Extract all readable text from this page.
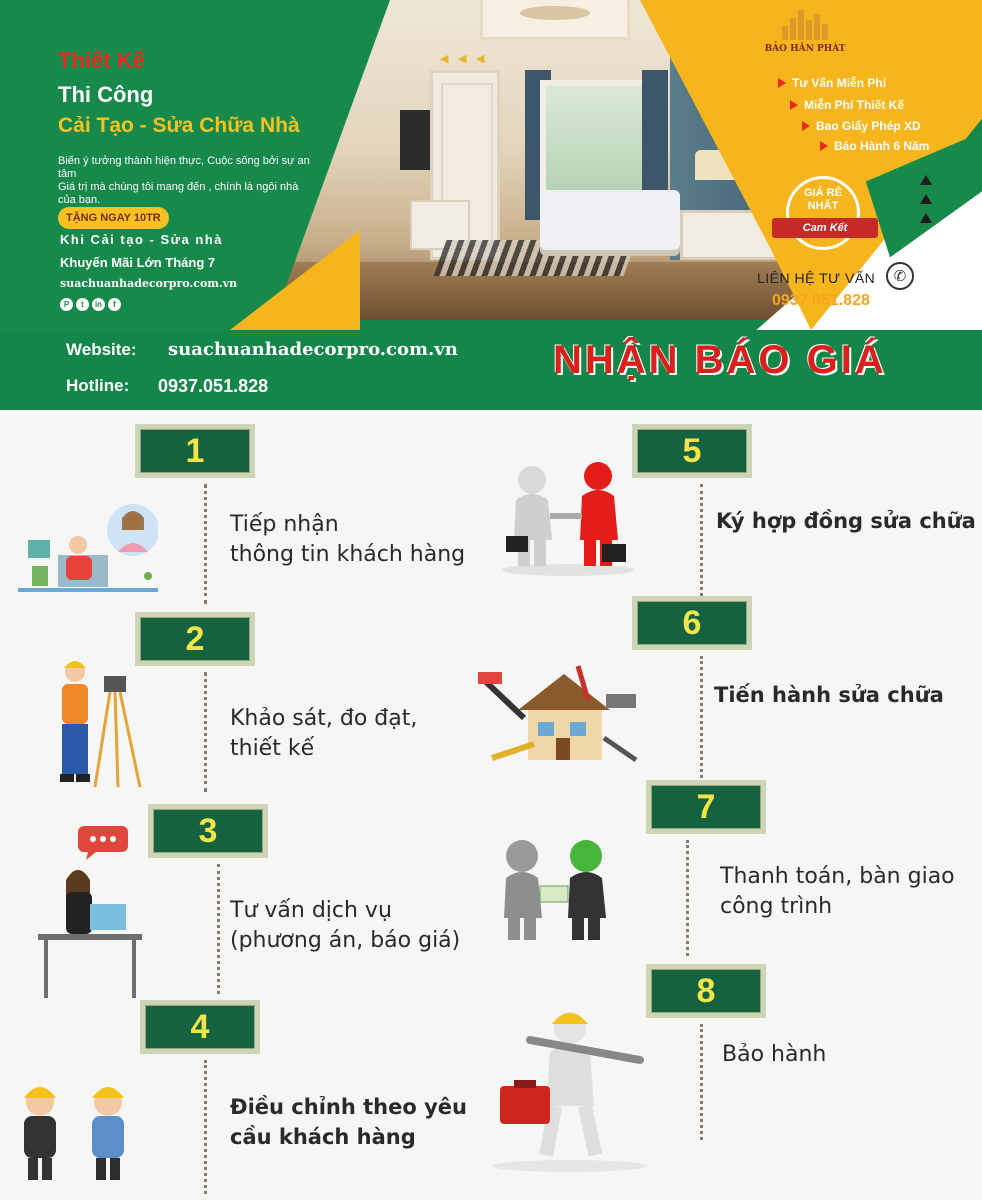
◀ ◀ ◀
Thiết Kế
Thi Công
Cải Tạo - Sửa Chữa Nhà
Biến ý tưởng thành hiện thực, Cuộc sống bởi sự an tâm
Giá trị mà chúng tôi mang đến , chính là ngôi nhà của bạn.
TẶNG NGAY 10TR
Khi Cải tạo - Sửa nhà
Khuyến Mãi Lớn Tháng 7
suachuanhadecorpro.com.vn
P	t	in	f
BẢO HÂN PHÁT
Tư Vấn Miễn Phí
Miễn Phí Thiết Kế
Bao Giấy Phép XD
Bảo Hành 6 Năm
GIÁ RẺ NHẤT
Cam Kết
LIÊN HỆ TƯ VẤN	✆
0937.051.828
Website: suachuanhadecorpro.com.vn
Hotline: 0937.051.828
NHẬN BÁO GIÁ
1
Tiếp nhận
thông tin khách hàng
2
Khảo sát, đo đạt,
thiết kế
3
Tư vấn dịch vụ
(phương án, báo giá)
4
Điều chỉnh theo yêu
cầu khách hàng
5
Ký hợp đồng sửa chữa
6
Tiến hành sửa chữa
7
Thanh toán, bàn giao
công trình
8
Bảo hành
